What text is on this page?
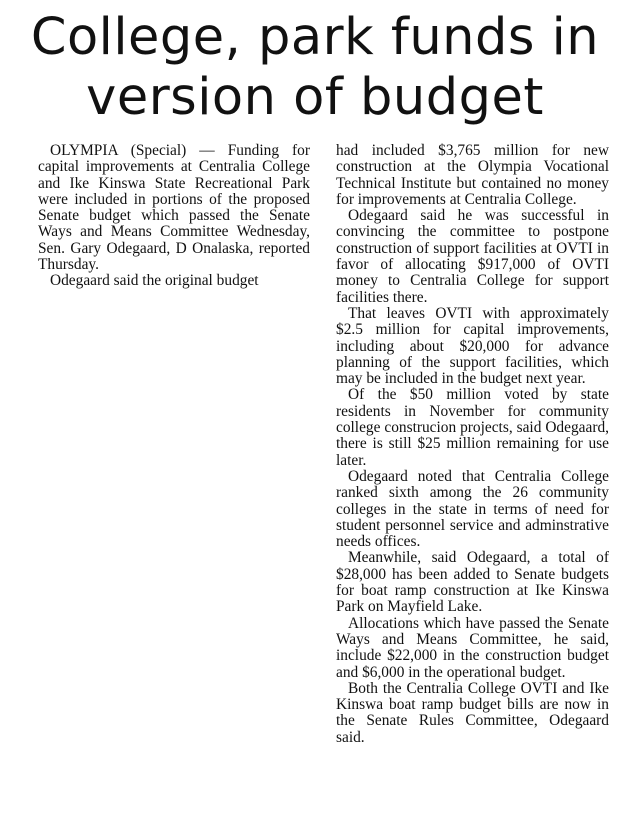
College, park funds in version of budget

OLYMPIA (Special) — Funding for capital improvements at Centralia College and Ike Kinswa State Recreational Park were included in portions of the proposed Senate budget which passed the Senate Ways and Means Committee Wednesday, Sen. Gary Odegaard, D Onalaska, reported Thursday.

Odegaard said the original budget

had included $3,765 million for new construction at the Olympia Vocational Technical Institute but contained no money for improvements at Centralia College.

Odegaard said he was successful in convincing the committee to postpone construction of support facilities at OVTI in favor of allocating $917,000 of OVTI money to Centralia College for support facilities there.

That leaves OVTI with approximately $2.5 million for capital improvements, including about $20,000 for advance planning of the support facilities, which may be included in the budget next year.

Of the $50 million voted by state residents in November for community college construcion projects, said Odegaard, there is still $25 million remaining for use later.

Odegaard noted that Centralia College ranked sixth among the 26 community colleges in the state in terms of need for student personnel service and adminstrative needs offices.

Meanwhile, said Odegaard, a total of $28,000 has been added to Senate budgets for boat ramp construction at Ike Kinswa Park on Mayfield Lake.

Allocations which have passed the Senate Ways and Means Committee, he said, include $22,000 in the construction budget and $6,000 in the operational budget.

Both the Centralia College OVTI and Ike Kinswa boat ramp budget bills are now in the Senate Rules Committee, Odegaard said.
